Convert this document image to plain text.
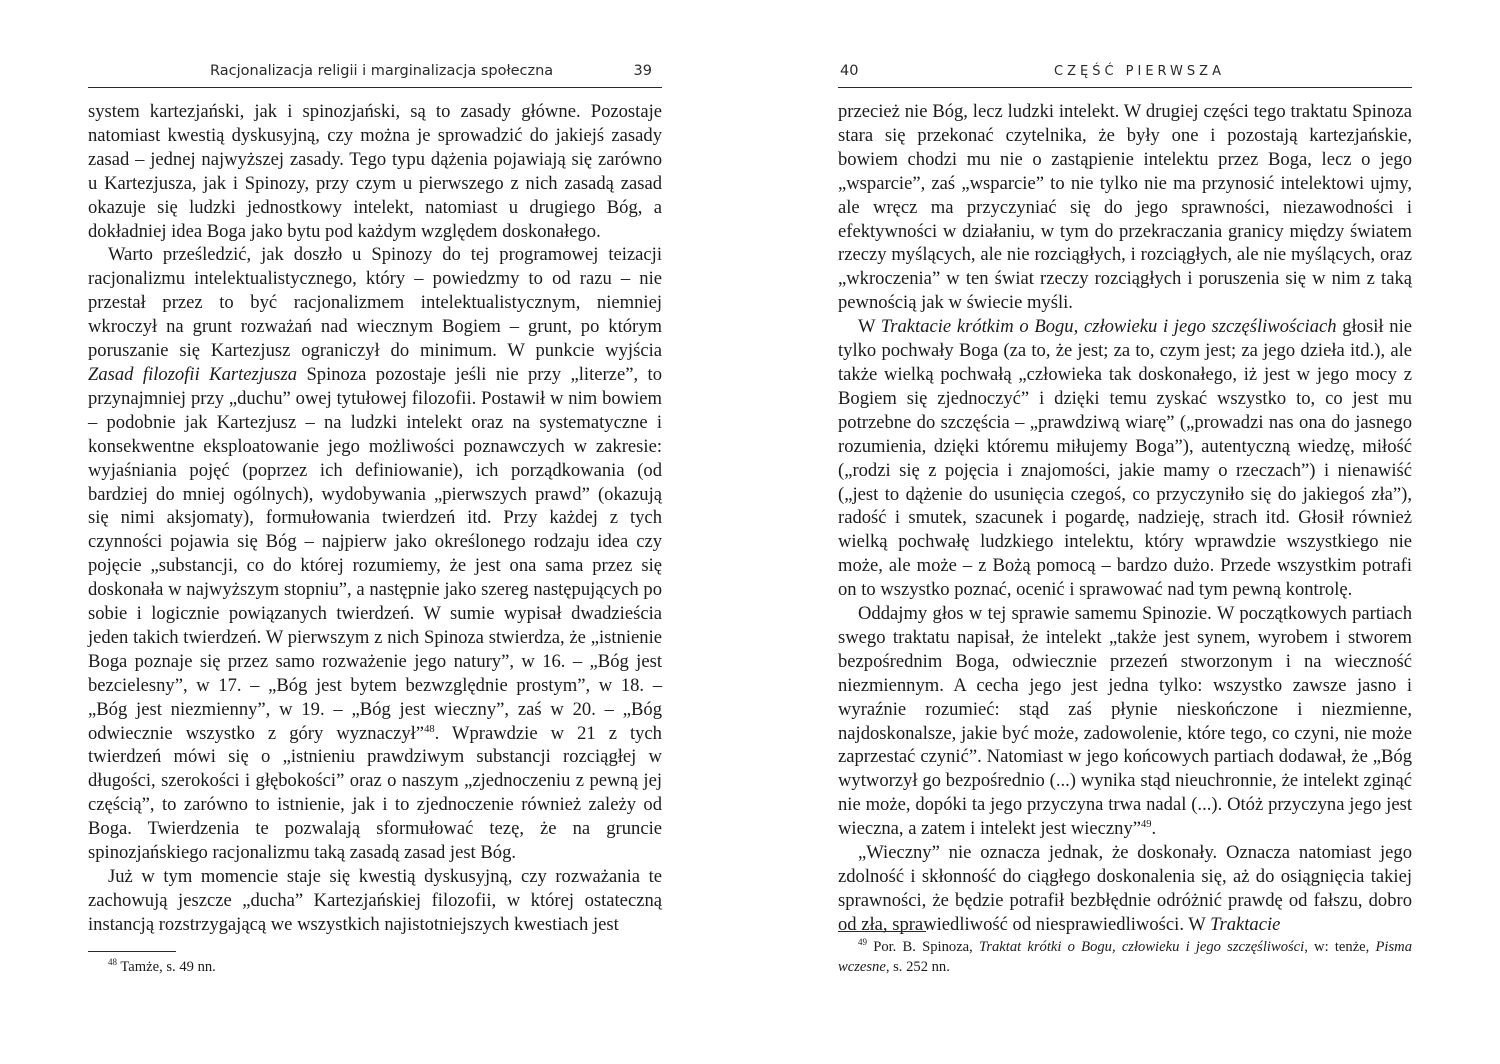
Racjonalizacja religii i marginalizacja społeczna	39

system kartezjański, jak i spinozjański, są to zasady główne. Pozostaje natomiast kwestią dyskusyjną, czy można je sprowadzić do jakiejś zasady zasad – jednej najwyższej zasady. Tego typu dążenia pojawiają się zarówno u Kartezjusza, jak i Spinozy, przy czym u pierwszego z nich zasadą zasad okazuje się ludzki jednostkowy intelekt, natomiast u drugiego Bóg, a dokładniej idea Boga jako bytu pod każdym względem doskonałego.

Warto prześledzić, jak doszło u Spinozy do tej programowej teizacji racjonalizmu intelektualistycznego, który – powiedzmy to od razu – nie przestał przez to być racjonalizmem intelektualistycznym, niemniej wkroczył na grunt rozważań nad wiecznym Bogiem – grunt, po którym poruszanie się Kartezjusz ograniczył do minimum. W punkcie wyjścia Zasad filozofii Kartezjusza Spinoza pozostaje jeśli nie przy „literze”, to przynajmniej przy „duchu” owej tytułowej filozofii. Postawił w nim bowiem – podobnie jak Kartezjusz – na ludzki intelekt oraz na systematyczne i konsekwentne eksploatowanie jego możliwości poznawczych w zakresie: wyjaśniania pojęć (poprzez ich definiowanie), ich porządkowania (od bardziej do mniej ogólnych), wydobywania „pierwszych prawd” (okazują się nimi aksjomaty), formułowania twierdzeń itd. Przy każdej z tych czynności pojawia się Bóg – najpierw jako określonego rodzaju idea czy pojęcie „substancji, co do której rozumiemy, że jest ona sama przez się doskonała w najwyższym stopniu”, a następnie jako szereg następujących po sobie i logicznie powiązanych twierdzeń. W sumie wypisał dwadzieścia jeden takich twierdzeń. W pierwszym z nich Spinoza stwierdza, że „istnienie Boga poznaje się przez samo rozważenie jego natury”, w 16. – „Bóg jest bezcielesny”, w 17. – „Bóg jest bytem bezwzględnie prostym”, w 18. – „Bóg jest niezmienny”, w 19. – „Bóg jest wieczny”, zaś w 20. – „Bóg odwiecznie wszystko z góry wyznaczył”$^{48}$. Wprawdzie w 21 z tych twierdzeń mówi się o „istnieniu prawdziwym substancji rozciągłej w długości, szerokości i głębokości” oraz o naszym „zjednoczeniu z pewną jej częścią”, to zarówno to istnienie, jak i to zjednoczenie również zależy od Boga. Twierdzenia te pozwalają sformułować tezę, że na gruncie spinozjańskiego racjonalizmu taką zasadą zasad jest Bóg.

Już w tym momencie staje się kwestią dyskusyjną, czy rozważania te zachowują jeszcze „ducha” Kartezjańskiej filozofii, w której ostateczną instancją rozstrzygającą we wszystkich najistotniejszych kwestiach jest

$^{48}$ Tamże, s. 49 nn.

40	CZĘŚĆ PIERWSZA

przecież nie Bóg, lecz ludzki intelekt. W drugiej części tego traktatu Spinoza stara się przekonać czytelnika, że były one i pozostają kartezjańskie, bowiem chodzi mu nie o zastąpienie intelektu przez Boga, lecz o jego „wsparcie”, zaś „wsparcie” to nie tylko nie ma przynosić intelektowi ujmy, ale wręcz ma przyczyniać się do jego sprawności, niezawodności i efektywności w działaniu, w tym do przekraczania granicy między światem rzeczy myślących, ale nie rozciągłych, i rozciągłych, ale nie myślących, oraz „wkroczenia” w ten świat rzeczy rozciągłych i poruszenia się w nim z taką pewnością jak w świecie myśli.

W Traktacie krótkim o Bogu, człowieku i jego szczęśliwościach głosił nie tylko pochwały Boga (za to, że jest; za to, czym jest; za jego dzieła itd.), ale także wielką pochwałą „człowieka tak doskonałego, iż jest w jego mocy z Bogiem się zjednoczyć” i dzięki temu zyskać wszystko to, co jest mu potrzebne do szczęścia – „prawdziwą wiarę” („prowadzi nas ona do jasnego rozumienia, dzięki któremu miłujemy Boga”), autentyczną wiedzę, miłość („rodzi się z pojęcia i znajomości, jakie mamy o rzeczach”) i nienawiść („jest to dążenie do usunięcia czegoś, co przyczyniło się do jakiegoś zła”), radość i smutek, szacunek i pogardę, nadzieję, strach itd. Głosił również wielką pochwałę ludzkiego intelektu, który wprawdzie wszystkiego nie może, ale może – z Bożą pomocą – bardzo dużo. Przede wszystkim potrafi on to wszystko poznać, ocenić i sprawować nad tym pewną kontrolę.

Oddajmy głos w tej sprawie samemu Spinozie. W początkowych partiach swego traktatu napisał, że intelekt „także jest synem, wyrobem i stworem bezpośrednim Boga, odwiecznie przezeń stworzonym i na wieczność niezmiennym. A cecha jego jest jedna tylko: wszystko zawsze jasno i wyraźnie rozumieć: stąd zaś płynie nieskończone i niezmienne, najdoskonalsze, jakie być może, zadowolenie, które tego, co czyni, nie może zaprzestać czynić”. Natomiast w jego końcowych partiach dodawał, że „Bóg wytworzył go bezpośrednio (...) wynika stąd nieuchronnie, że intelekt zginąć nie może, dopóki ta jego przyczyna trwa nadal (...). Otóż przyczyna jego jest wieczna, a zatem i intelekt jest wieczny”$^{49}$.

„Wieczny” nie oznacza jednak, że doskonały. Oznacza natomiast jego zdolność i skłonność do ciągłego doskonalenia się, aż do osiągnięcia takiej sprawności, że będzie potrafił bezbłędnie odróżnić prawdę od fałszu, dobro od zła, sprawiedliwość od niesprawiedliwości. W Traktacie

$^{49}$ Por. B. Spinoza, Traktat krótki o Bogu, człowieku i jego szczęśliwości, w: tenże, Pisma wczesne, s. 252 nn.
